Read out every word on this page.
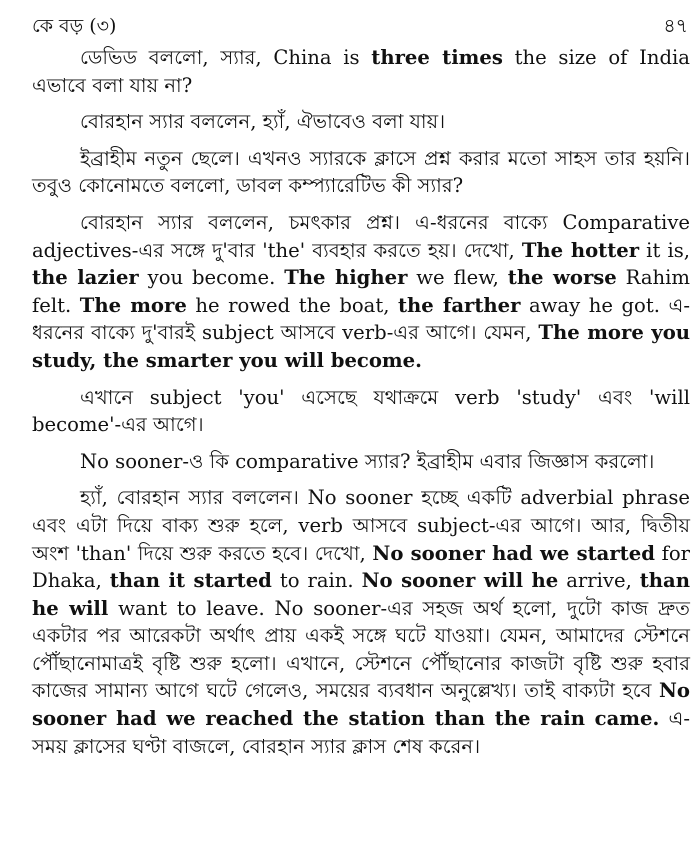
কে বড় (৩)	৪৭

ডেভিড বললো, স্যার, China is three times the size of India এভাবে বলা যায় না?

বোরহান স্যার বললেন, হ্যাঁ, ঐভাবেও বলা যায়।

ইব্রাহীম নতুন ছেলে। এখনও স্যারকে ক্লাসে প্রশ্ন করার মতো সাহস তার হয়নি। তবুও কোনোমতে বললো, ডাবল কম্প্যারেটিভ কী স্যার?

বোরহান স্যার বললেন, চমৎকার প্রশ্ন। এ-ধরনের বাক্যে Comparative adjectives-এর সঙ্গে দু'বার 'the' ব্যবহার করতে হয়। দেখো, The hotter it is, the lazier you become. The higher we flew, the worse Rahim felt. The more he rowed the boat, the farther away he got. এ-ধরনের বাক্যে দু'বারই subject আসবে verb-এর আগে। যেমন, The more you study, the smarter you will become.

এখানে subject 'you' এসেছে যথাক্রমে verb 'study' এবং 'will become'-এর আগে।

No sooner-ও কি comparative স্যার? ইব্রাহীম এবার জিজ্ঞাস করলো।

হ্যাঁ, বোরহান স্যার বললেন। No sooner হচ্ছে একটি adverbial phrase এবং এটা দিয়ে বাক্য শুরু হলে, verb আসবে subject-এর আগে। আর, দ্বিতীয় অংশ 'than' দিয়ে শুরু করতে হবে। দেখো, No sooner had we started for Dhaka, than it started to rain. No sooner will he arrive, than he will want to leave. No sooner-এর সহজ অর্থ হলো, দুটো কাজ দ্রুত একটার পর আরেকটা অর্থাৎ প্রায় একই সঙ্গে ঘটে যাওয়া। যেমন, আমাদের স্টেশনে পৌঁছানোমাত্রই বৃষ্টি শুরু হলো। এখানে, স্টেশনে পৌঁছানোর কাজটা বৃষ্টি শুরু হবার কাজের সামান্য আগে ঘটে গেলেও, সময়ের ব্যবধান অনুল্লেখ্য। তাই বাক্যটা হবে No sooner had we reached the station than the rain came. এ-সময় ক্লাসের ঘণ্টা বাজলে, বোরহান স্যার ক্লাস শেষ করেন।
